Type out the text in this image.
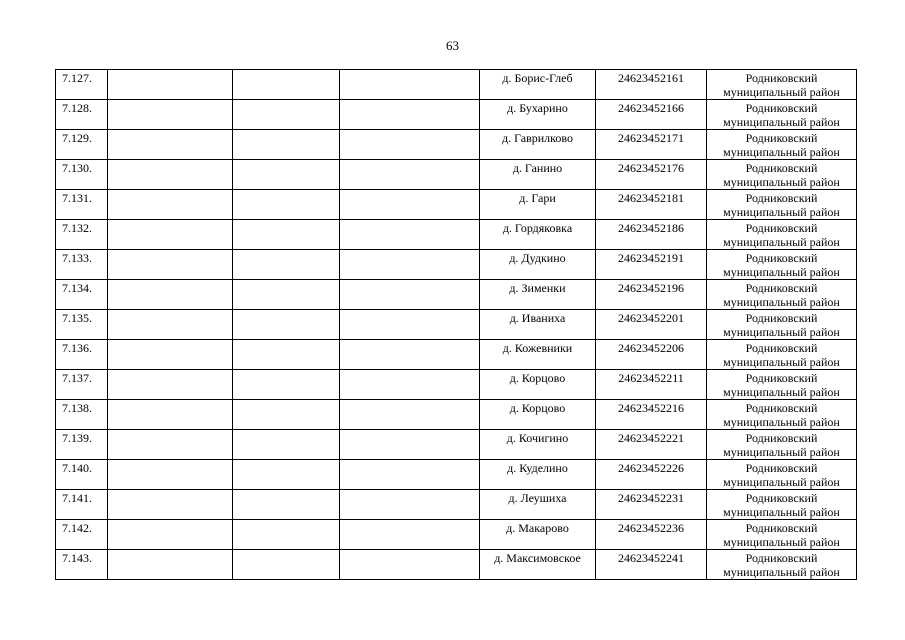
63
7.127.				д. Борис-Глеб	24623452161	Родниковский
муниципальный район

7.128.				д. Бухарино	24623452166	Родниковский
муниципальный район

7.129.				д. Гаврилково	24623452171	Родниковский
муниципальный район

7.130.				д. Ганино	24623452176	Родниковский
муниципальный район

7.131.				д. Гари	24623452181	Родниковский
муниципальный район

7.132.				д. Гордяковка	24623452186	Родниковский
муниципальный район

7.133.				д. Дудкино	24623452191	Родниковский
муниципальный район

7.134.				д. Зименки	24623452196	Родниковский
муниципальный район

7.135.				д. Иваниха	24623452201	Родниковский
муниципальный район

7.136.				д. Кожевники	24623452206	Родниковский
муниципальный район

7.137.				д. Корцово	24623452211	Родниковский
муниципальный район

7.138.				д. Корцово	24623452216	Родниковский
муниципальный район

7.139.				д. Кочигино	24623452221	Родниковский
муниципальный район

7.140.				д. Куделино	24623452226	Родниковский
муниципальный район

7.141.				д. Леушиха	24623452231	Родниковский
муниципальный район

7.142.				д. Макарово	24623452236	Родниковский
муниципальный район

7.143.				д. Максимовское	24623452241	Родниковский
муниципальный район
